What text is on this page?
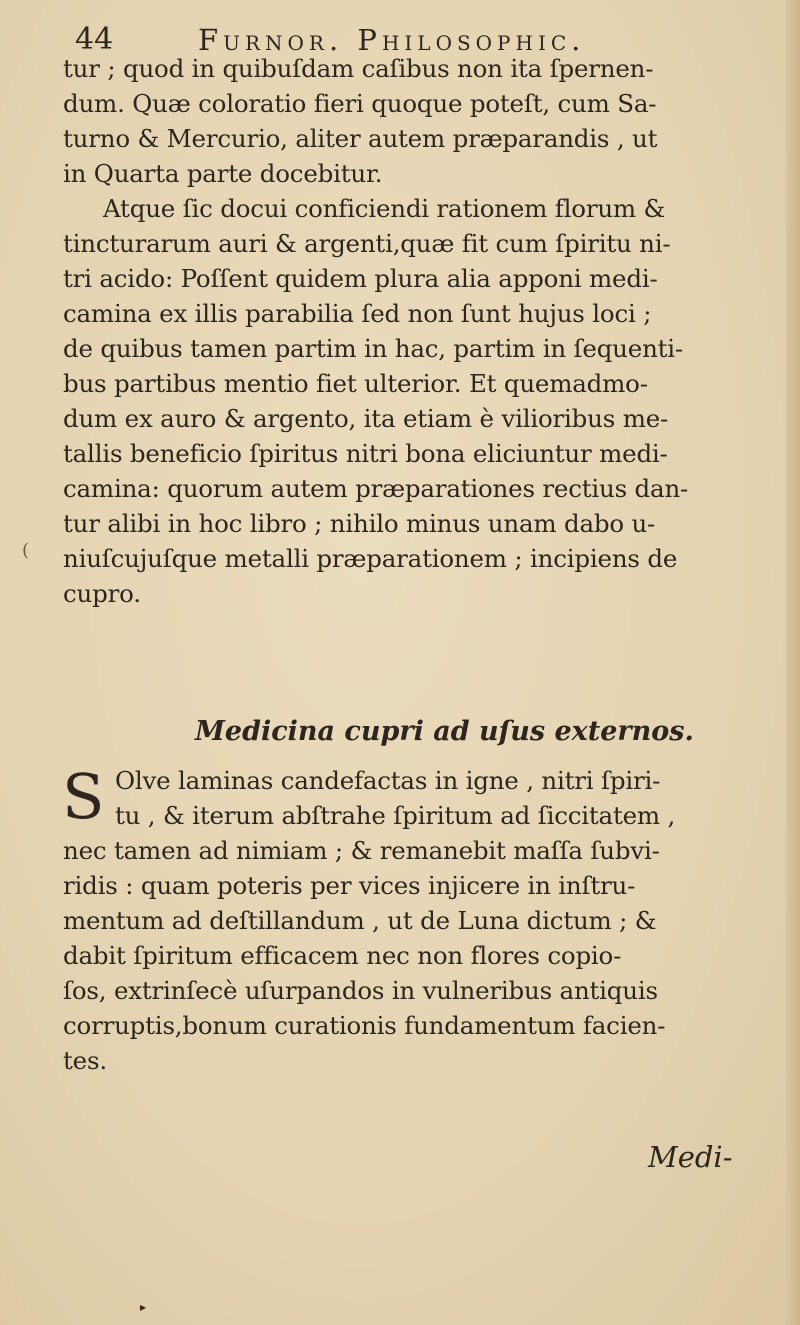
44	Furnor. Philosophic.
(
tur ; quod in quibuſdam caſibus non ita ſpernen-
dum. Quæ coloratio fieri quoque poteſt, cum Sa-
turno & Mercurio, aliter autem præparandis , ut
in Quarta parte docebitur.
Atque ſic docui conficiendi rationem florum &
tincturarum auri & argenti,quæ fit cum ſpiritu ni-
tri acido: Poſſent quidem plura alia apponi medi-
camina ex illis parabilia ſed non ſunt hujus loci ;
de quibus tamen partim in hac, partim in ſequenti-
bus partibus mentio fiet ulterior. Et quemadmo-
dum ex auro & argento, ita etiam è vilioribus me-
tallis beneficio ſpiritus nitri bona eliciuntur medi-
camina: quorum autem præparationes rectius dan-
tur alibi in hoc libro ; nihilo minus unam dabo u-
niuſcujuſque metalli præparationem ; incipiens de
cupro.
Medicina cupri ad uſus externos.
S Olve laminas candefactas in igne , nitri ſpiri-
tu , & iterum abſtrahe ſpiritum ad ſiccitatem ,
nec tamen ad nimiam ; & remanebit maſſa ſubvi-
ridis : quam poteris per vices injicere in inſtru-
mentum ad deſtillandum , ut de Luna dictum ; &
dabit ſpiritum efficacem nec non flores copio-
ſos, extrinſecè uſurpandos in vulneribus antiquis
corruptis,bonum curationis fundamentum facien-
tes.
Medi-
▸
